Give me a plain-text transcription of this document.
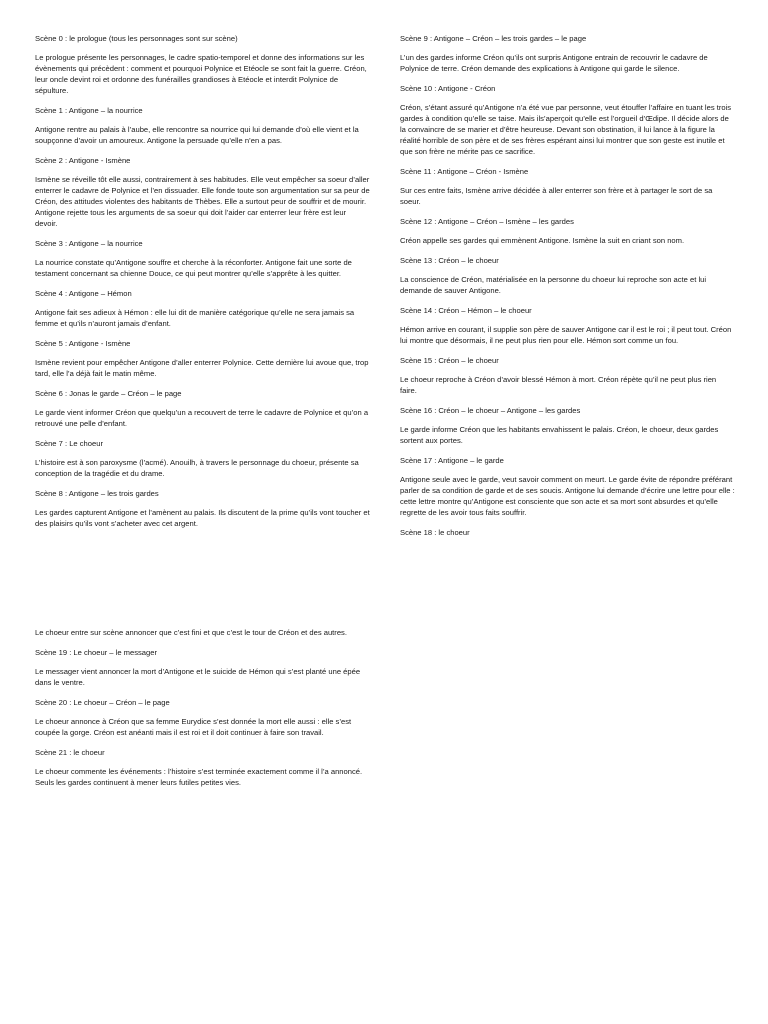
Scène 0 : le prologue (tous les personnages sont sur scène)
Le prologue présente les personnages, le cadre spatio-temporel et donne des informations sur les évènements qui précèdent : comment et pourquoi Polynice et Etéocle se sont fait la guerre. Créon, leur oncle devint roi et ordonne des funérailles grandioses à Etéocle et interdit Polynice de sépulture.
Scène 1 : Antigone – la nourrice
Antigone rentre au palais à l’aube, elle rencontre sa nourrice qui lui demande d’où elle vient et la soupçonne d’avoir un amoureux. Antigone la persuade qu’elle n’en a pas.
Scène 2 : Antigone - Ismène
Ismène se réveille tôt elle aussi, contrairement à ses habitudes. Elle veut empêcher sa soeur d’aller enterrer le cadavre de Polynice et l’en dissuader. Elle fonde toute son argumentation sur sa peur de Créon, des attitudes violentes des habitants de Thèbes. Elle a surtout peur de souffrir et de mourir. Antigone rejette tous les arguments de sa soeur qui doit l’aider car enterrer leur frère est leur devoir.
Scène 3 : Antigone – la nourrice
La nourrice constate qu’Antigone souffre et cherche à la réconforter. Antigone fait une sorte de testament concernant sa chienne Douce, ce qui peut montrer qu’elle s’apprête à les quitter.
Scène 4 : Antigone – Hémon
Antigone fait ses adieux à Hémon : elle lui dit de manière catégorique qu’elle ne sera jamais sa femme et qu’ils n’auront jamais d’enfant.
Scène 5 : Antigone - Ismène
Ismène revient pour empêcher Antigone d’aller enterrer Polynice. Cette dernière lui avoue que, trop tard, elle l’a déjà fait le matin même.
Scène 6 : Jonas le garde – Créon – le page
Le garde vient informer Créon que quelqu’un a recouvert de terre le cadavre de Polynice et qu’on a retrouvé une pelle d’enfant.
Scène 7 : Le choeur
L’histoire est à son paroxysme (l’acmé). Anouilh, à travers le personnage du choeur, présente sa conception de la tragédie et du drame.
Scène 8 : Antigone – les trois gardes
Les gardes capturent Antigone et l’amènent au palais. Ils discutent de la prime qu’ils vont toucher et des plaisirs qu’ils vont s’acheter avec cet argent.
Scène 9 : Antigone – Créon – les trois gardes – le page
L’un des gardes informe Créon qu’ils ont surpris Antigone entrain de recouvrir le cadavre de Polynice de terre. Créon demande des explications à Antigone qui garde le silence.
Scène 10 : Antigone - Créon
Créon, s’étant assuré qu’Antigone n’a été vue par personne, veut étouffer l’affaire en tuant les trois gardes à condition qu’elle se taise. Mais ils’aperçoit qu’elle est l’orgueil d’Œdipe. Il décide alors de la convaincre de se marier et d’être heureuse. Devant son obstination, il lui lance à la figure la réalité horrible de son père et de ses frères espérant ainsi lui montrer que son geste est inutile et que son frère ne mérite pas ce sacrifice.
Scène 11 : Antigone – Créon - Ismène
Sur ces entre faits, Ismène arrive décidée à aller enterrer son frère et à partager le sort de sa soeur.
Scène 12 : Antigone – Créon – Ismène – les gardes
Créon appelle ses gardes qui emmènent Antigone. Ismène la suit en criant son nom.
Scène 13 : Créon – le choeur
La conscience de Créon, matérialisée en la personne du choeur lui reproche son acte et lui demande de sauver Antigone.
Scène 14 : Créon – Hémon – le choeur
Hémon arrive en courant, il supplie son père de sauver Antigone car il est le roi ; il peut tout. Créon lui montre que désormais, il ne peut plus rien pour elle. Hémon sort comme un fou.
Scène 15 : Créon – le choeur
Le choeur reproche à Créon d’avoir blessé Hémon à mort. Créon répète qu’il ne peut plus rien faire.
Scène 16 : Créon – le choeur – Antigone – les gardes
Le garde informe Créon que les habitants envahissent le palais. Créon, le choeur, deux gardes sortent aux portes.
Scène 17 : Antigone – le garde
Antigone seule avec le garde, veut savoir comment on meurt. Le garde évite de répondre préférant parler de sa condition de garde et de ses soucis. Antigone lui demande d’écrire une lettre pour elle : cette lettre montre qu’Antigone est consciente que son acte et sa mort sont absurdes et qu’elle regrette de les avoir tous faits souffrir.
Scène 18 : le choeur
Le choeur entre sur scène annoncer que c’est fini et que c’est le tour de Créon et des autres.
Scène 19 : Le choeur – le messager
Le messager vient annoncer la mort d’Antigone et le suicide de Hémon qui s’est planté une épée dans le ventre.
Scène 20 : Le choeur – Créon – le page
Le choeur annonce à Créon que sa femme Eurydice s’est donnée la mort elle aussi : elle s’est coupée la gorge. Créon est anéanti mais il est roi et il doit continuer à faire son travail.
Scène 21 : le choeur
Le choeur commente les événements : l’histoire s’est terminée exactement comme il l’a annoncé. Seuls les gardes continuent à mener leurs futiles petites vies.
